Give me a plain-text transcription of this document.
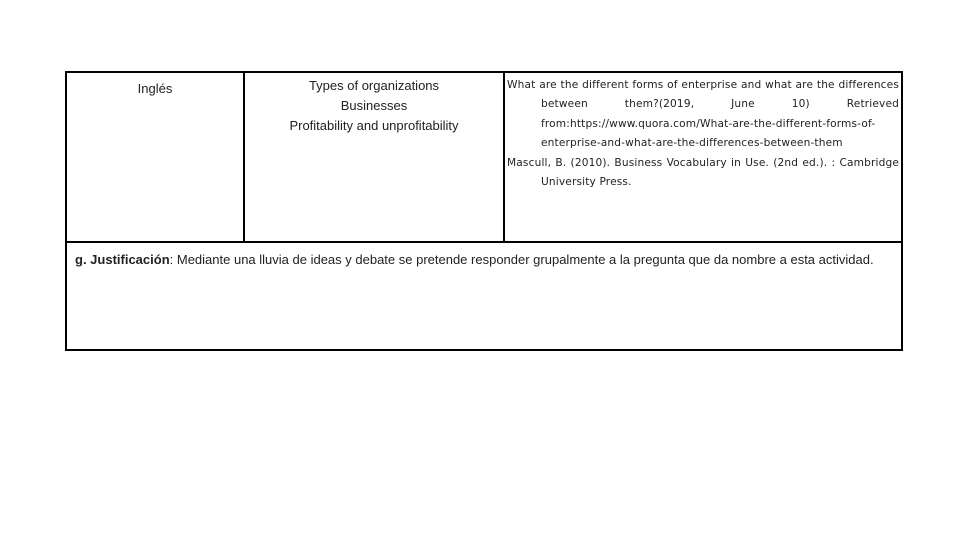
Inglés	Types of organizations
Businesses
Profitability and unprofitability
What are the different forms of enterprise and what are the differences between them?(2019, June 10) Retrieved from:https://www.quora.com/What-are-the-different-forms-of-enterprise-and-what-are-the-differences-between-them
Mascull, B. (2010). Business Vocabulary in Use. (2nd ed.). : Cambridge University Press.
g. Justificación: Mediante una lluvia de ideas y debate se pretende responder grupalmente a la pregunta que da nombre a esta actividad.
